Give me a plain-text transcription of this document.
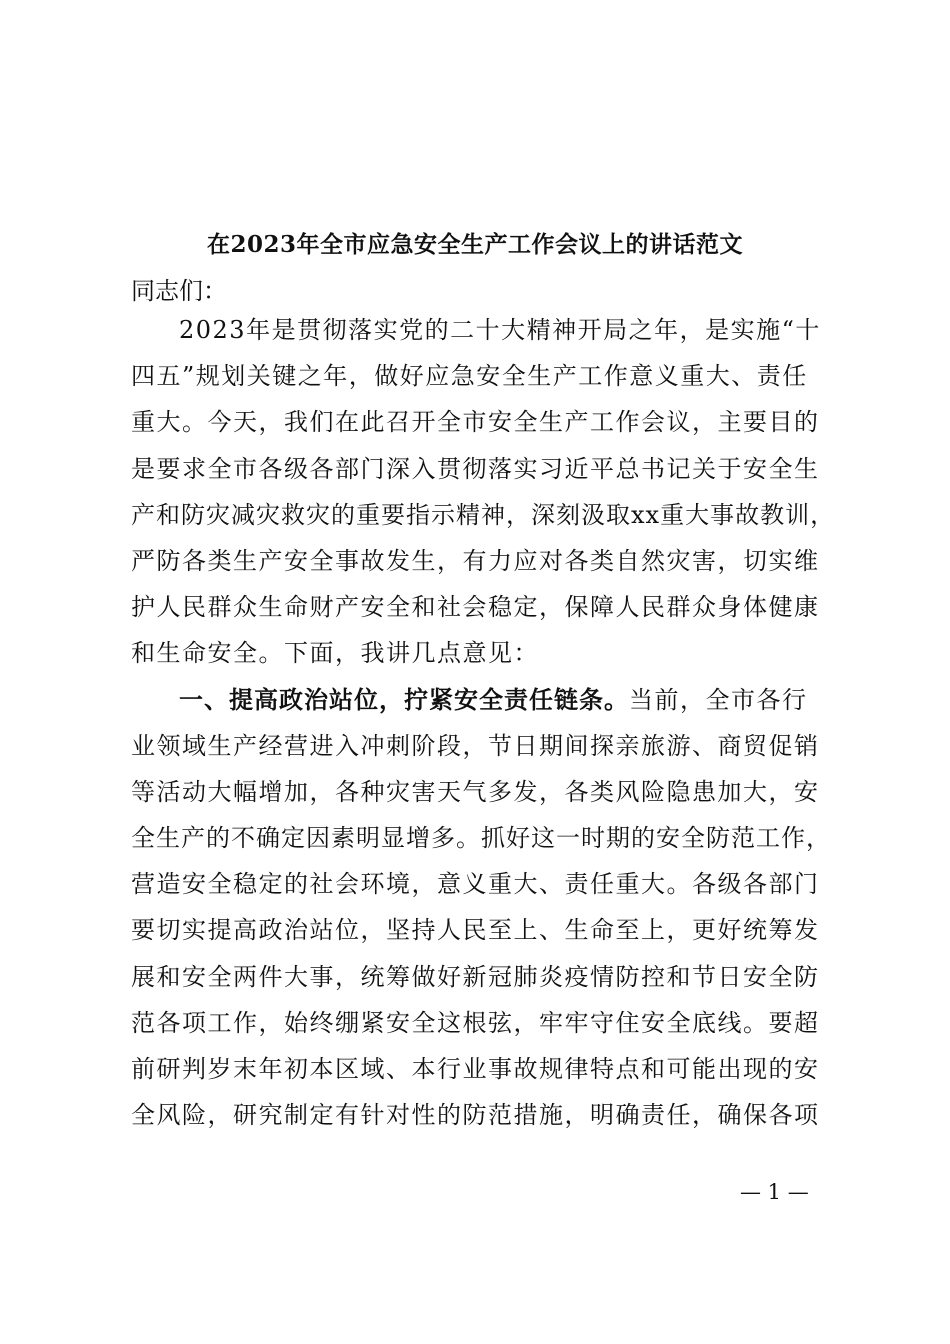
在2023年全市应急安全生产工作会议上的讲话范文
同志们：
2023年是贯彻落实党的二十大精神开局之年，是实施“十
四五”规划关键之年，做好应急安全生产工作意义重大、责任
重大。今天，我们在此召开全市安全生产工作会议，主要目的
是要求全市各级各部门深入贯彻落实习近平总书记关于安全生
产和防灾减灾救灾的重要指示精神，深刻汲取xx重大事故教训，
严防各类生产安全事故发生，有力应对各类自然灾害，切实维
护人民群众生命财产安全和社会稳定，保障人民群众身体健康
和生命安全。下面，我讲几点意见：
一、提高政治站位，拧紧安全责任链条。当前，全市各行
业领域生产经营进入冲刺阶段，节日期间探亲旅游、商贸促销
等活动大幅增加，各种灾害天气多发，各类风险隐患加大，安
全生产的不确定因素明显增多。抓好这一时期的安全防范工作，
营造安全稳定的社会环境，意义重大、责任重大。各级各部门
要切实提高政治站位，坚持人民至上、生命至上，更好统筹发
展和安全两件大事，统筹做好新冠肺炎疫情防控和节日安全防
范各项工作，始终绷紧安全这根弦，牢牢守住安全底线。要超
前研判岁末年初本区域、本行业事故规律特点和可能出现的安
全风险，研究制定有针对性的防范措施，明确责任，确保各项
— 1 —
